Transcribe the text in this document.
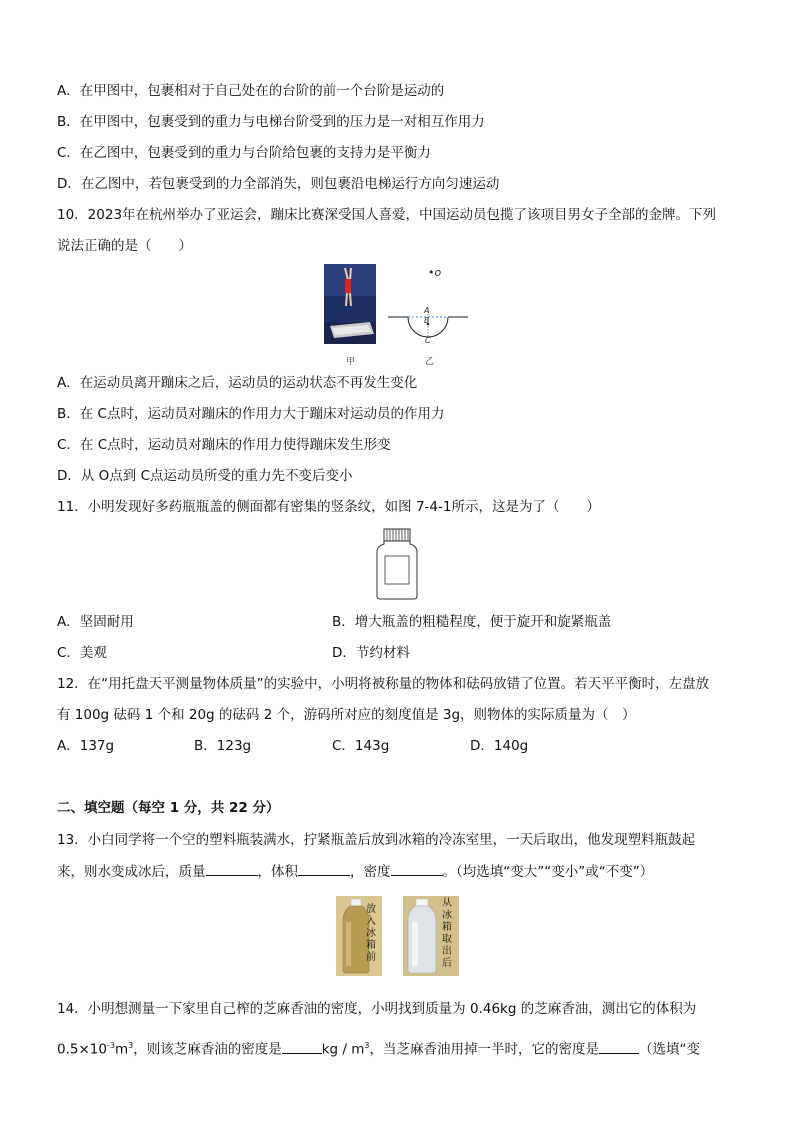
A．在甲图中，包裹相对于自己处在的台阶的前一个台阶是运动的
B．在甲图中，包裹受到的重力与电梯台阶受到的压力是一对相互作用力
C．在乙图中，包裹受到的重力与台阶给包裹的支持力是平衡力
D．在乙图中，若包裹受到的力全部消失，则包裹沿电梯运行方向匀速运动
10．2023年在杭州举办了亚运会，蹦床比赛深受国人喜爱，中国运动员包揽了该项目男女子全部的金牌。下列
说法正确的是（　　）
甲
•o
A
B
C
乙
A．在运动员离开蹦床之后，运动员的运动状态不再发生变化
B．在 C点时，运动员对蹦床的作用力大于蹦床对运动员的作用力
C．在 C点时，运动员对蹦床的作用力使得蹦床发生形变
D．从 O点到 C点运动员所受的重力先不变后变小
11．小明发现好多药瓶瓶盖的侧面都有密集的竖条纹，如图 7-4-1所示，这是为了（　　）
A．坚固耐用	B．增大瓶盖的粗糙程度，便于旋开和旋紧瓶盖
C．美观	D．节约材料
12．在“用托盘天平测量物体质量”的实验中，小明将被称量的物体和砝码放错了位置。若天平平衡时，左盘放
有 100g 砝码 1 个和 20g 的砝码 2 个，游码所对应的刻度值是 3g，则物体的实际质量为（　）
A．137g	B．123g	C．143g	D．140g
二、填空题（每空 1 分，共 22 分）
13．小白同学将一个空的塑料瓶装满水，拧紧瓶盖后放到冰箱的冷冻室里，一天后取出，他发现塑料瓶鼓起
来，则水变成冰后，质量	，体积	，密度	。（均选填“变大”“变小”或“不变”）
放入冰箱前
从冰箱取出后
14．小明想测量一下家里自己榨的芝麻香油的密度，小明找到质量为 0.46kg 的芝麻香油，测出它的体积为
$0.5\times 10^{-3}m^3$，则该芝麻香油的密度是	kg / $m^3$，当芝麻香油用掉一半时，它的密度是	（选填“变
